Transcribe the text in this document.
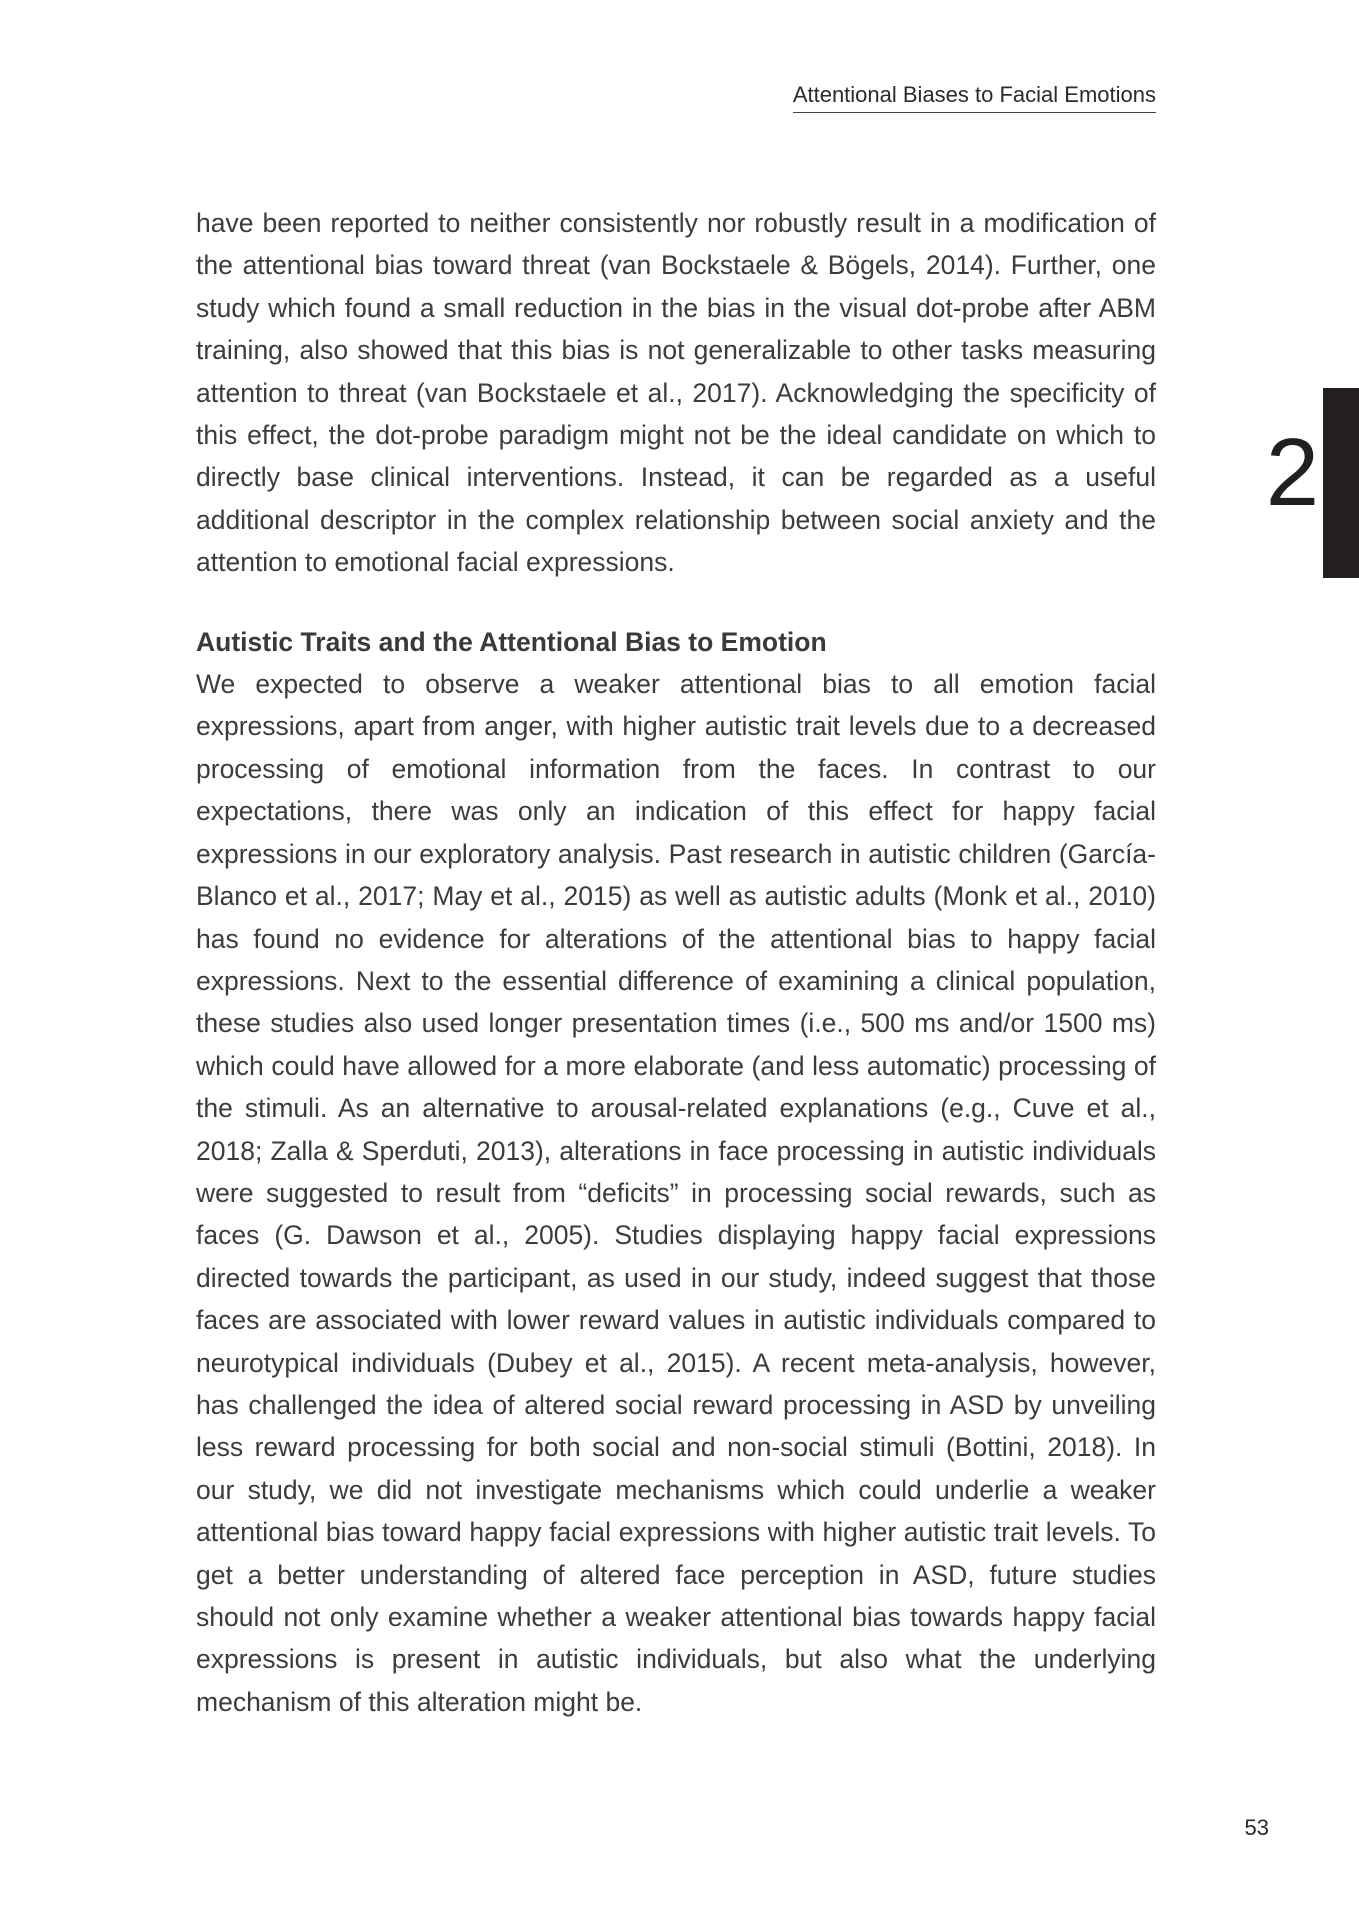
Attentional Biases to Facial Emotions
2

have been reported to neither consistently nor robustly result in a modification of the attentional bias toward threat (van Bockstaele & Bögels, 2014). Further, one study which found a small reduction in the bias in the visual dot-probe after ABM training, also showed that this bias is not generalizable to other tasks measuring attention to threat (van Bockstaele et al., 2017). Acknowledging the specificity of this effect, the dot-probe paradigm might not be the ideal candidate on which to directly base clinical interventions. Instead, it can be regarded as a useful additional descriptor in the complex relationship between social anxiety and the attention to emotional facial expressions.

Autistic Traits and the Attentional Bias to Emotion

We expected to observe a weaker attentional bias to all emotion facial expressions, apart from anger, with higher autistic trait levels due to a decreased processing of emotional information from the faces. In contrast to our expectations, there was only an indication of this effect for happy facial expressions in our exploratory analysis. Past research in autistic children (García-Blanco et al., 2017; May et al., 2015) as well as autistic adults (Monk et al., 2010) has found no evidence for alterations of the attentional bias to happy facial expressions. Next to the essential difference of examining a clinical population, these studies also used longer presentation times (i.e., 500 ms and/or 1500 ms) which could have allowed for a more elaborate (and less automatic) processing of the stimuli. As an alternative to arousal-related explanations (e.g., Cuve et al., 2018; Zalla & Sperduti, 2013), alterations in face processing in autistic individuals were suggested to result from “deficits” in processing social rewards, such as faces (G. Dawson et al., 2005). Studies displaying happy facial expressions directed towards the participant, as used in our study, indeed suggest that those faces are associated with lower reward values in autistic individuals compared to neurotypical individuals (Dubey et al., 2015). A recent meta-analysis, however, has challenged the idea of altered social reward processing in ASD by unveiling less reward processing for both social and non-social stimuli (Bottini, 2018). In our study, we did not investigate mechanisms which could underlie a weaker attentional bias toward happy facial expressions with higher autistic trait levels. To get a better understanding of altered face perception in ASD, future studies should not only examine whether a weaker attentional bias towards happy facial expressions is present in autistic individuals, but also what the underlying mechanism of this alteration might be.

53
